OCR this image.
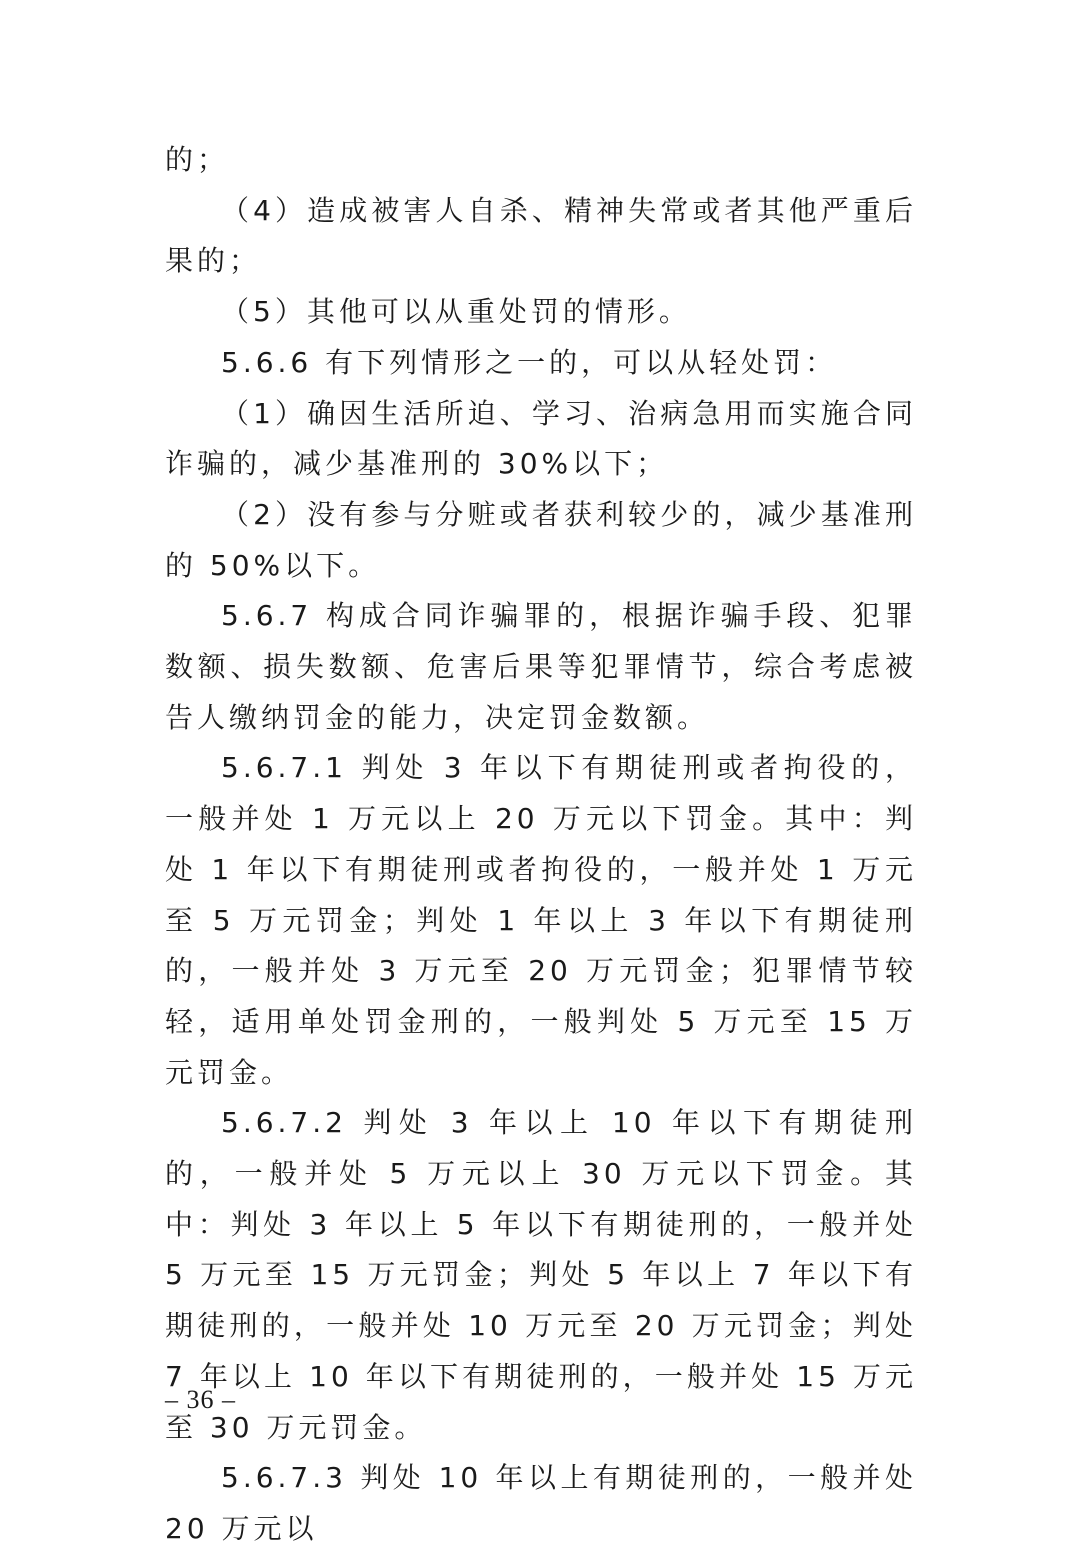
的；

（4）造成被害人自杀、精神失常或者其他严重后果的；

（5）其他可以从重处罚的情形。

5.6.6 有下列情形之一的，可以从轻处罚：

（1）确因生活所迫、学习、治病急用而实施合同诈骗的，减少基准刑的 30%以下；

（2）没有参与分赃或者获利较少的，减少基准刑的 50%以下。

5.6.7 构成合同诈骗罪的，根据诈骗手段、犯罪数额、损失数额、危害后果等犯罪情节，综合考虑被告人缴纳罚金的能力，决定罚金数额。

5.6.7.1 判处 3 年以下有期徒刑或者拘役的，一般并处 1 万元以上 20 万元以下罚金。其中：判处 1 年以下有期徒刑或者拘役的，一般并处 1 万元至 5 万元罚金；判处 1 年以上 3 年以下有期徒刑的，一般并处 3 万元至 20 万元罚金；犯罪情节较轻，适用单处罚金刑的，一般判处 5 万元至 15 万元罚金。

5.6.7.2 判处 3 年以上 10 年以下有期徒刑的，一般并处 5 万元以上 30 万元以下罚金。其中：判处 3 年以上 5 年以下有期徒刑的，一般并处 5 万元至 15 万元罚金；判处 5 年以上 7 年以下有期徒刑的，一般并处 10 万元至 20 万元罚金；判处 7 年以上 10 年以下有期徒刑的，一般并处 15 万元至 30 万元罚金。

5.6.7.3 判处 10 年以上有期徒刑的，一般并处 20 万元以

– 36 –
